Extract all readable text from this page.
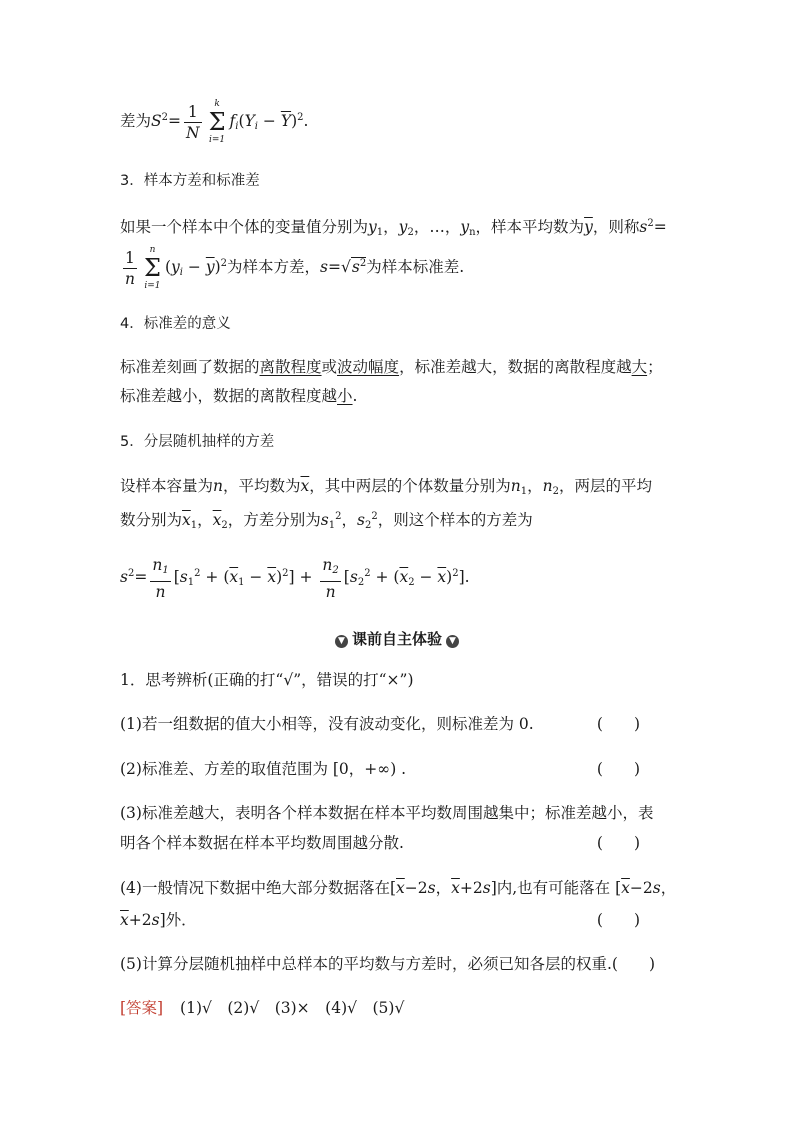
差为$S^2= \frac{1}{N}$	k
Σ
i=1
$f_i(Y_i - \overline{Y})^2$.
3．样本方差和标准差
如果一个样本中个体的变量值分别为$y_1$，$y_2$，…，$y_n$，样本平均数为$\overline{y}$，则称$s^2=$
$\frac{1}{n}$	n
Σ
i=1
$(y_i - \overline{y})^2$为样本方差，$s=√s^2$为样本标准差.
4．标准差的意义
标准差刻画了数据的离散程度或波动幅度，标准差越大，数据的离散程度越大；
标准差越小，数据的离散程度越小.
5．分层随机抽样的方差
设样本容量为n，平均数为$\overline{x}$，其中两层的个体数量分别为$n_1$，$n_2$，两层的平均
数分别为$\overline{x}_1$，$\overline{x}_2$，方差分别为$s_1^2$，$s_2^2$，则这个样本的方差为
$s^2= \frac{n_1}{n} [s_1^2 + (\overline{x}_1 - \overline{x})^2] + \frac{n_2}{n} [s_2^2 + (\overline{x}_2 - \overline{x})^2]$.
▼ 课前自主体验 ▼
1．思考辨析(正确的打“√”，错误的打“×”)
(1)若一组数据的值大小相等，没有波动变化，则标准差为 0.	(　　)
(2)标准差、方差的取值范围为 [0，+∞) .	(　　)
(3)标准差越大，表明各个样本数据在样本平均数周围越集中；标准差越小，表
明各个样本数据在样本平均数周围越分散.	(　　)
(4)一般情况下数据中绝大部分数据落在[$\overline{x}-2s$，$\overline{x}+2s$]内,也有可能落在 [$\overline{x}-2s$，
$\overline{x}+2s$]外．	(　　)
(5)计算分层随机抽样中总样本的平均数与方差时，必须已知各层的权重.(　　)
[答案] (1)√　(2)√　(3)×　(4)√　(5)√
